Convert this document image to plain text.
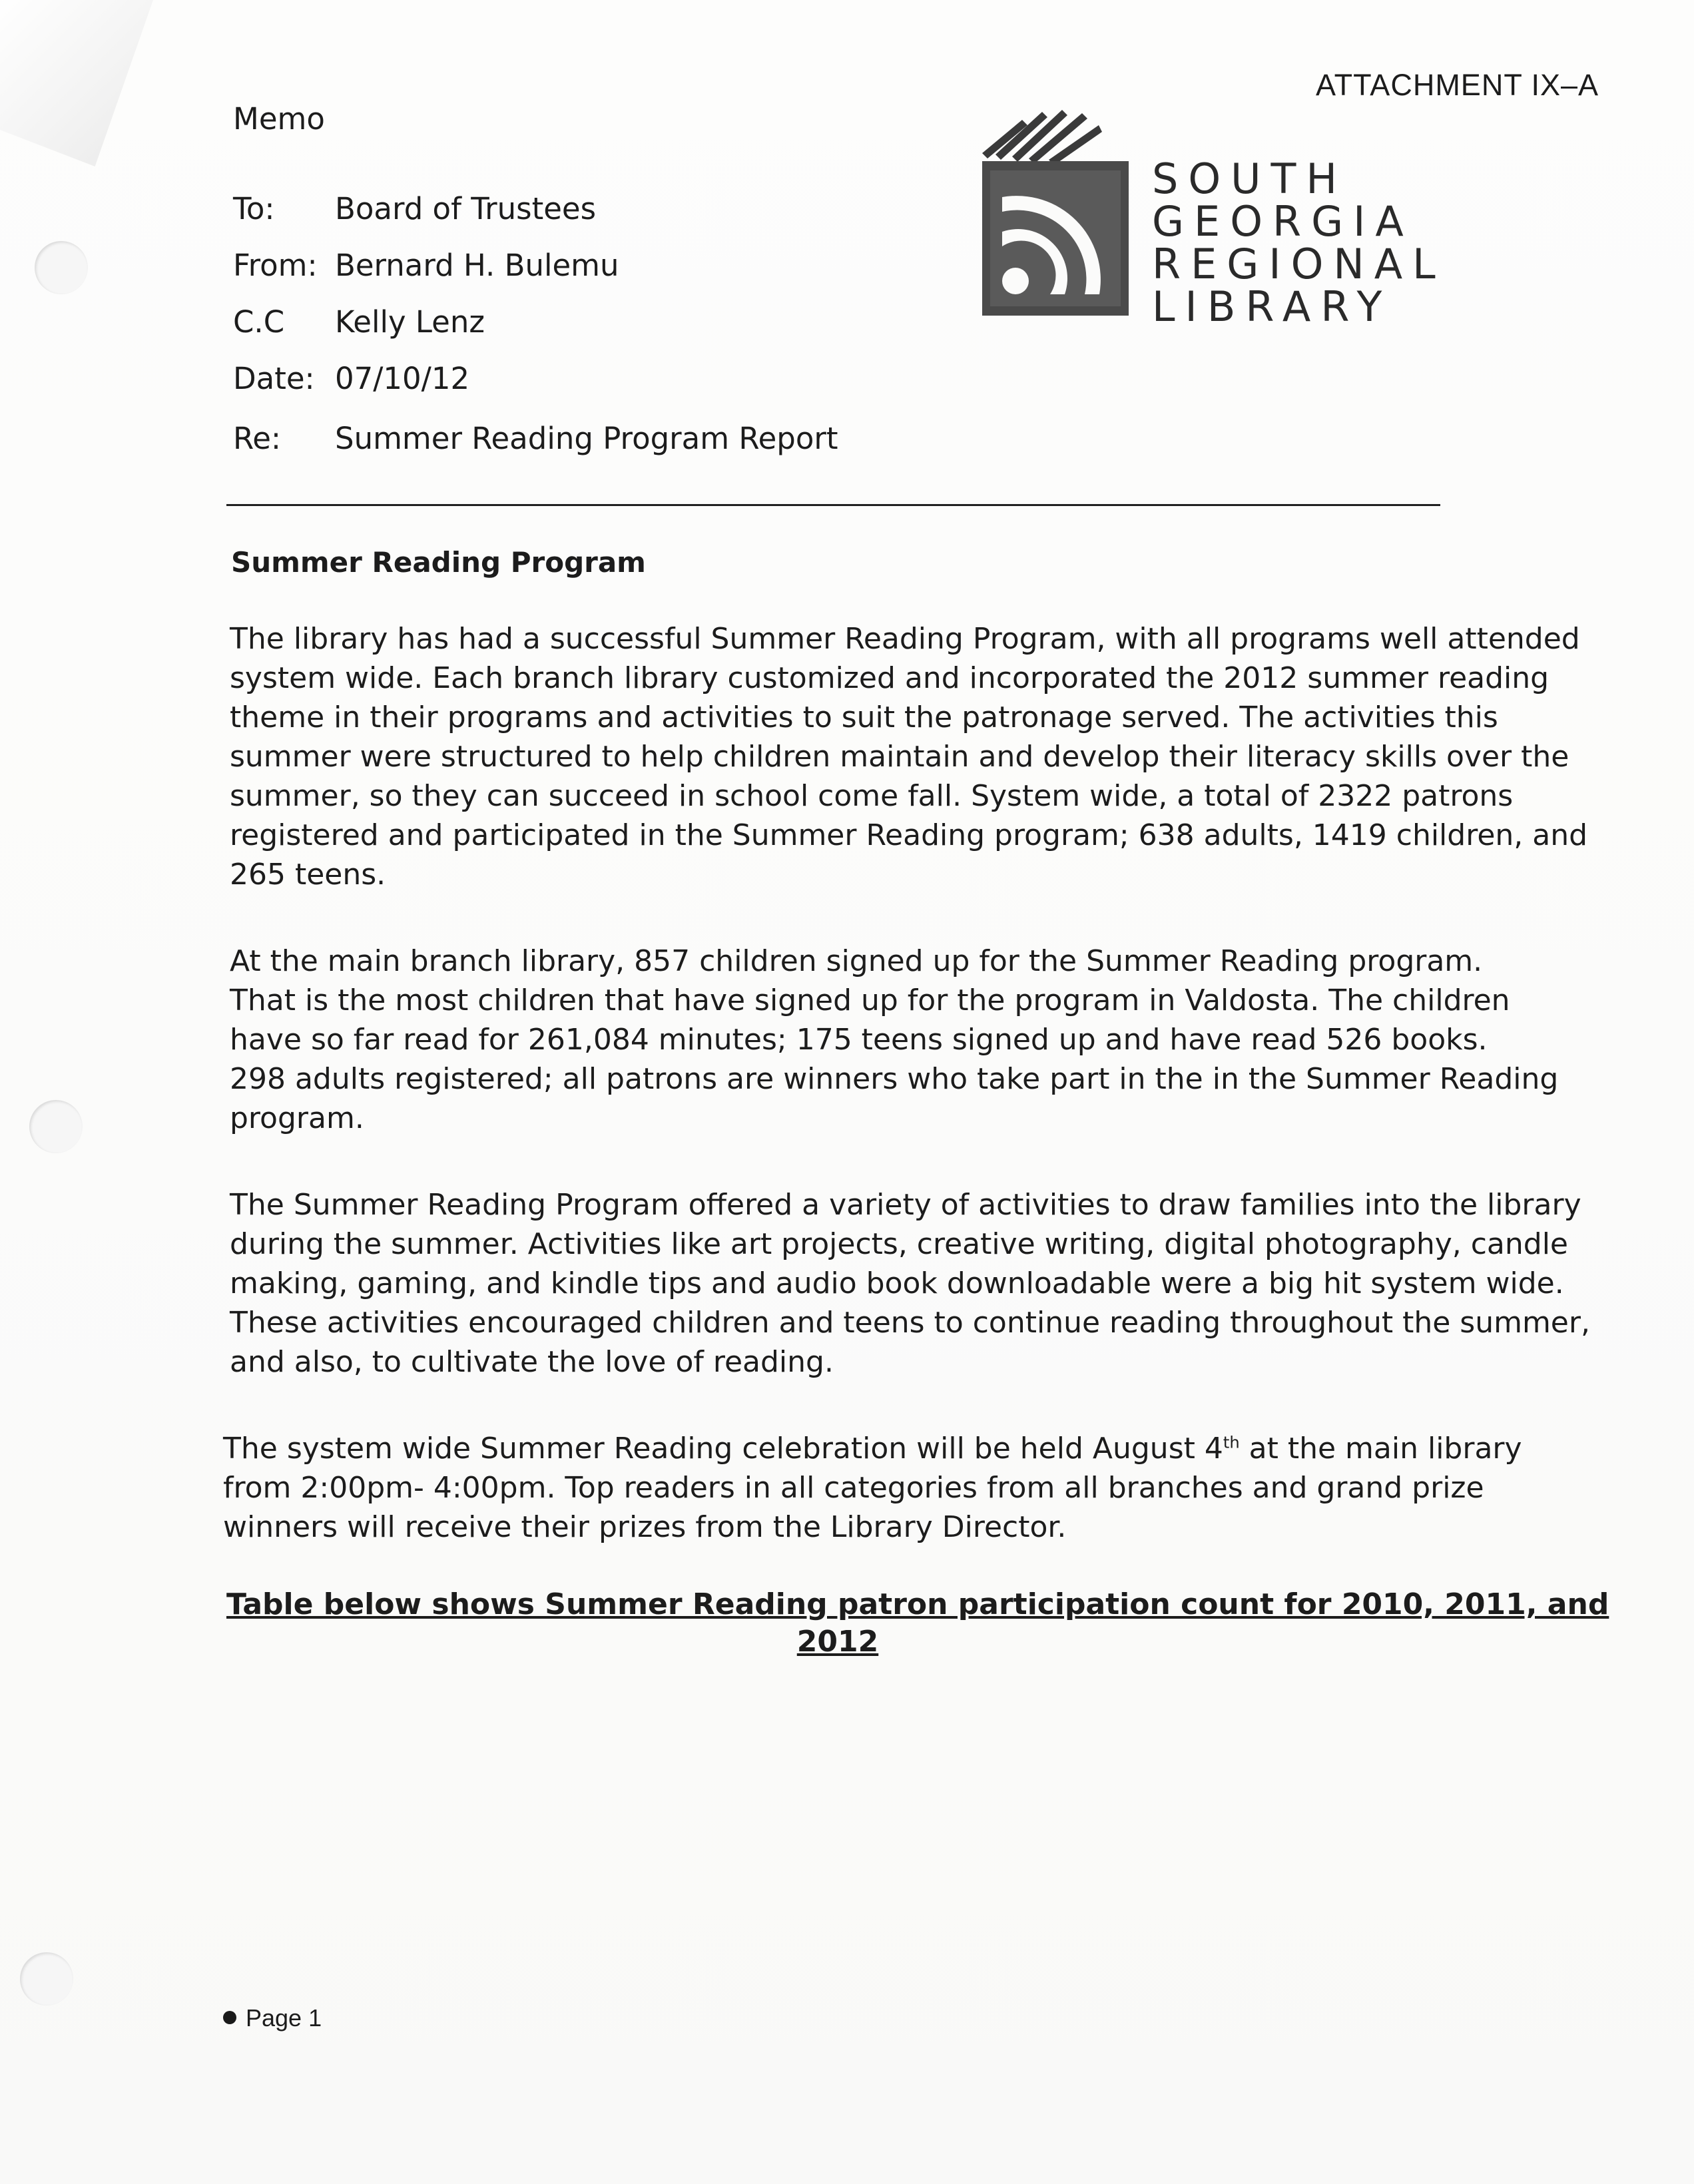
ATTACHMENT IX–A
Memo
To: Board of Trustees
From: Bernard H. Bulemu
C.C Kelly Lenz
Date: 07/10/12
Re: Summer Reading Program Report
SOUTH
GEORGIA
REGIONAL
LIBRARY
Summer Reading Program
The library has had a successful Summer Reading Program, with all programs well attended
system wide. Each branch library customized and incorporated the 2012 summer reading
theme in their programs and activities to suit the patronage served. The activities this
summer were structured to help children maintain and develop their literacy skills over the
summer, so they can succeed in school come fall. System wide, a total of 2322 patrons
registered and participated in the Summer Reading program; 638 adults, 1419 children, and
265 teens.
At the main branch library, 857 children signed up for the Summer Reading program.
That is the most children that have signed up for the program in Valdosta. The children
have so far read for 261,084 minutes; 175 teens signed up and have read 526 books.
298 adults registered; all patrons are winners who take part in the in the Summer Reading
program.
The Summer Reading Program offered a variety of activities to draw families into the library
during the summer. Activities like art projects, creative writing, digital photography, candle
making, gaming, and kindle tips and audio book downloadable were a big hit system wide.
These activities encouraged children and teens to continue reading throughout the summer,
and also, to cultivate the love of reading.
The system wide Summer Reading celebration will be held August 4th at the main library
from 2:00pm- 4:00pm. Top readers in all categories from all branches and grand prize
winners will receive their prizes from the Library Director.
Table below shows Summer Reading patron participation count for 2010, 2011, and
2012
Page 1
